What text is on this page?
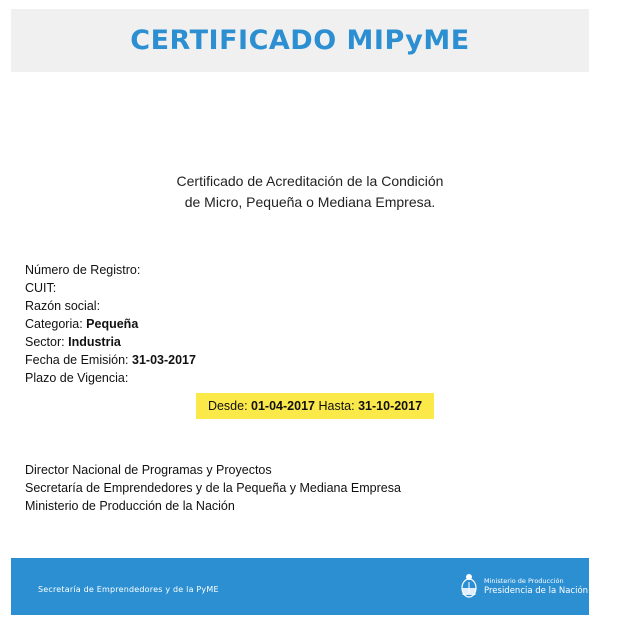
CERTIFICADO MIPyME
Certificado de Acreditación de la Condición
de Micro, Pequeña o Mediana Empresa.
Número de Registro:
CUIT:
Razón social:
Categoria: Pequeña
Sector: Industria
Fecha de Emisión: 31-03-2017
Plazo de Vigencia:
Desde:
01-04-2017
Hasta:
31-10-2017
Director Nacional de Programas y Proyectos
Secretaría de Emprendedores y de la Pequeña y Mediana Empresa
Ministerio de Producción de la Nación
Secretaría de Emprendedores y de la PyME
Ministerio de Producción
Presidencia de la Nación
